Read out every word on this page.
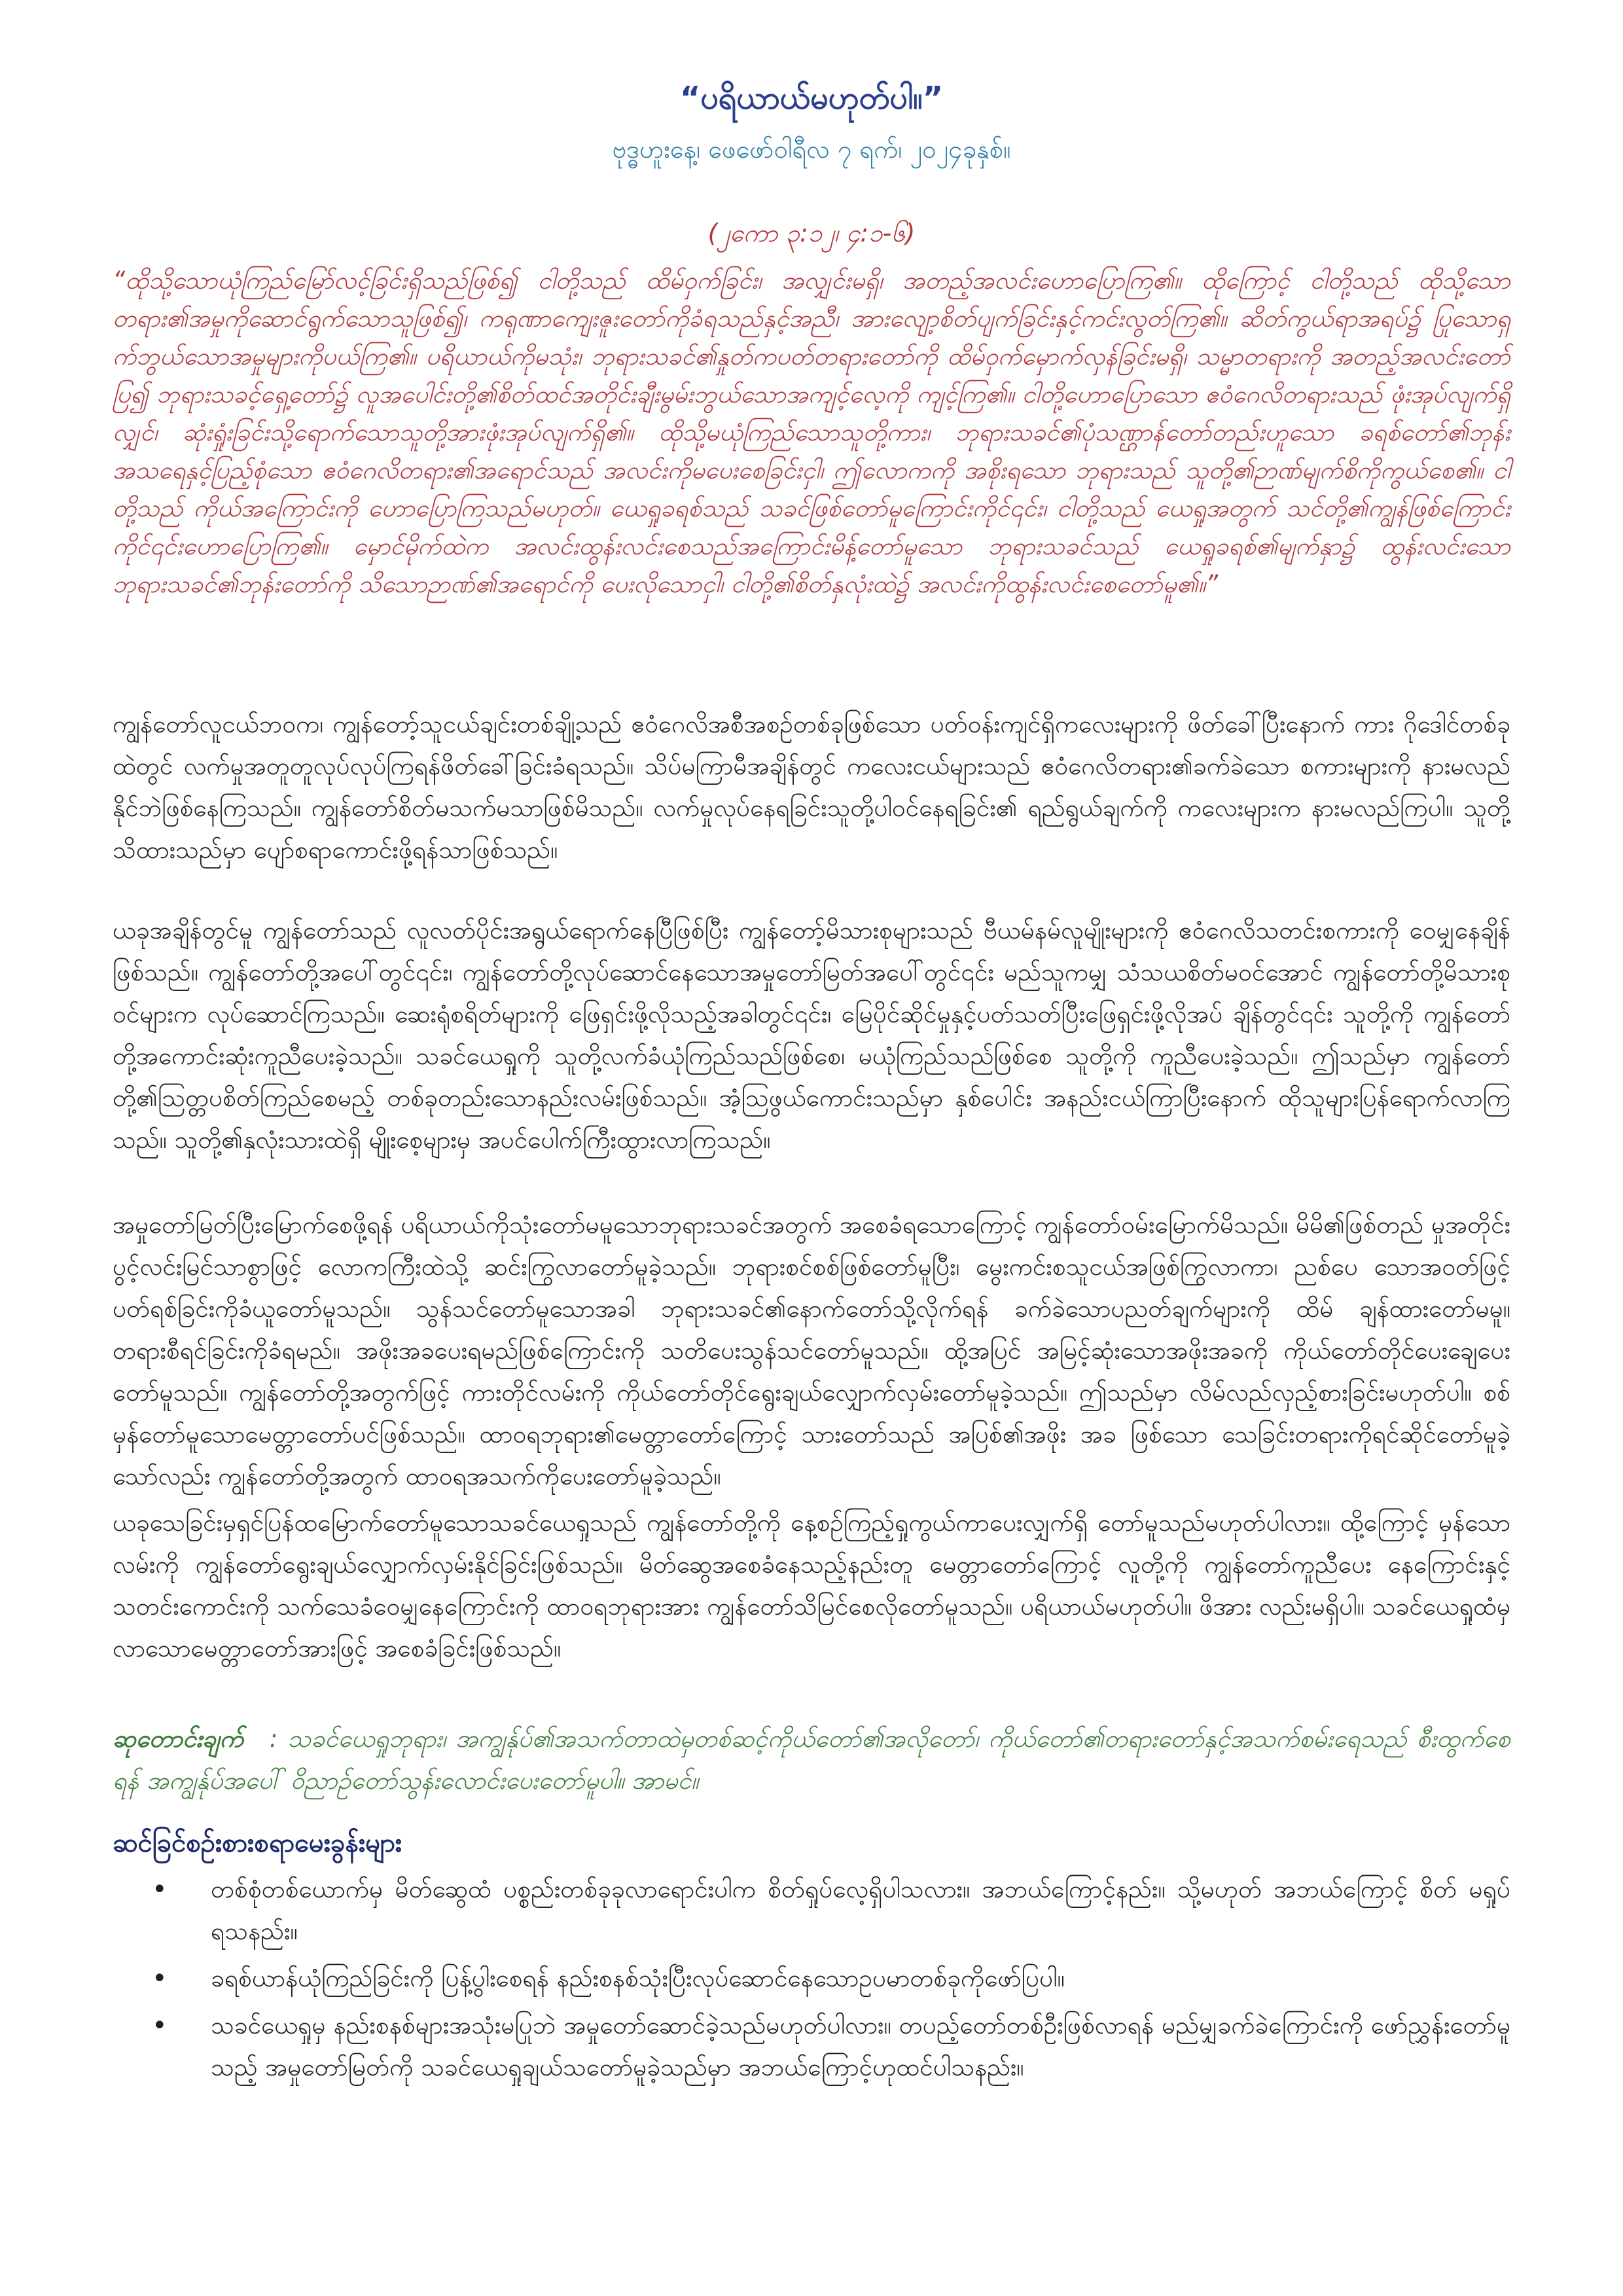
“ပရိယာယ်မဟုတ်ပါ။”
ဗုဒ္ဓဟူးနေ့၊ ဖေဖော်ဝါရီလ ၇ ရက်၊ ၂၀၂၄ခုနှစ်။
(၂ကော ၃:၁၂၊ ၄:၁-၆)

“ထိုသို့သောယုံကြည်မြော်လင့်ခြင်းရှိသည်ဖြစ်၍ ငါတို့သည် ထိမ်ဝှက်ခြင်း၊ အလျှင်းမရှိ၊ အတည့်အလင်းဟောပြောကြ၏။ ထိုကြောင့် ငါတို့သည် ထိုသို့သော တရား၏အမှုကိုဆောင်ရွက်သောသူဖြစ်၍၊ ကရုဏာကျေးဇူးတော်ကိုခံရသည်နှင့်အညီ၊ အားလျော့စိတ်ပျက်ခြင်းနှင့်ကင်းလွတ်ကြ၏။ ဆိတ်ကွယ်ရာအရပ်၌ ပြုသောရှက်ဘွယ်သောအမှုများကိုပယ်ကြ၏။ ပရိယာယ်ကိုမသုံး၊ ဘုရားသခင်၏နှုတ်ကပတ်တရားတော်ကို ထိမ်ဝှက်မှောက်လှန်ခြင်းမရှိ၊ သမ္မာတရားကို အတည့်အလင်းတော်ပြ၍ ဘုရားသခင့်ရှေ့တော်၌ လူအပေါင်းတို့၏စိတ်ထင်အတိုင်းချီးမွမ်းဘွယ်သောအကျင့်လေ့ကို ကျင့်ကြ၏။ ငါတို့ဟောပြောသော ဧဝံဂေလိတရားသည် ဖုံးအုပ်လျက်ရှိလျှင်၊ ဆုံးရှုံးခြင်းသို့ရောက်သောသူတို့အားဖုံးအုပ်လျက်ရှိ၏။ ထိုသို့မယုံကြည်သောသူတို့ကား၊ ဘုရားသခင်၏ပုံသဏ္ဌာန်တော်တည်းဟူသော ခရစ်တော်၏ဘုန်းအသရေနှင့်ပြည့်စုံသော ဧဝံဂေလိတရား၏အရောင်သည် အလင်းကိုမပေးစေခြင်းငှါ၊ ဤလောကကို အစိုးရသော ဘုရားသည် သူတို့၏ဉာဏ်မျက်စိကိုကွယ်စေ၏။ ငါတို့သည် ကိုယ်အကြောင်းကို ဟောပြောကြသည်မဟုတ်။ ယေရှုခရစ်သည် သခင်ဖြစ်တော်မူကြောင်းကိုင်၎င်း၊ ငါတို့သည် ယေရှုအတွက် သင်တို့၏ကျွန်ဖြစ်ကြောင်းကိုင်၎င်းဟောပြောကြ၏။ မှောင်မိုက်ထဲက အလင်းထွန်းလင်းစေသည်အကြောင်းမိန့်တော်မူသော ဘုရားသခင်သည် ယေရှုခရစ်၏မျက်နှာ၌ ထွန်းလင်းသောဘုရားသခင်၏ဘုန်းတော်ကို သိသောဉာဏ်၏အရောင်ကို ပေးလိုသောငှါ၊ ငါတို့၏စိတ်နှလုံးထဲ၌ အလင်းကိုထွန်းလင်းစေတော်မူ၏။”

ကျွန်တော်လူငယ်ဘဝက၊ ကျွန်တော့်သူငယ်ချင်းတစ်ချို့သည် ဧဝံဂေလိအစီအစဉ်တစ်ခုဖြစ်သော ပတ်ဝန်းကျင်ရှိကလေးများကို ဖိတ်ခေါ်ပြီးနောက် ကား ဂိုဒေါင်တစ်ခုထဲတွင် လက်မှုအတူတူလုပ်လုပ်ကြရန်ဖိတ်ခေါ်ခြင်းခံရသည်။ သိပ်မကြာမီအချိန်တွင် ကလေးငယ်များသည် ဧဝံဂေလိတရား၏ခက်ခဲသော စကားများကို နားမလည်နိုင်ဘဲဖြစ်နေကြသည်။ ကျွန်တော်စိတ်မသက်မသာဖြစ်မိသည်။ လက်မှုလုပ်နေရခြင်းသူတို့ပါဝင်နေရခြင်း၏ ရည်ရွယ်ချက်ကို ကလေးများက နားမလည်ကြပါ။ သူတို့သိထားသည်မှာ ပျော်စရာကောင်းဖို့ရန်သာဖြစ်သည်။

ယခုအချိန်တွင်မူ ကျွန်တော်သည် လူလတ်ပိုင်းအရွယ်ရောက်နေပြီဖြစ်ပြီး ကျွန်တော့်မိသားစုများသည် ဗီယမ်နမ်လူမျိုးများကို ဧဝံဂေလိသတင်းစကားကို ဝေမျှနေချိန်ဖြစ်သည်။ ကျွန်တော်တို့အပေါ်တွင်၎င်း၊ ကျွန်တော်တို့လုပ်ဆောင်နေသောအမှုတော်မြတ်အပေါ်တွင်၎င်း မည်သူကမျှ သံသယစိတ်မဝင်အောင် ကျွန်တော်တို့မိသားစုဝင်များက လုပ်ဆောင်ကြသည်။ ဆေးရုံစရိတ်များကို ဖြေရှင်းဖို့လိုသည့်အခါတွင်၎င်း၊ မြေပိုင်ဆိုင်မှုနှင့်ပတ်သတ်ပြီးဖြေရှင်းဖို့လိုအပ် ချိန်တွင်၎င်း သူတို့ကို ကျွန်တော်တို့အကောင်းဆုံးကူညီပေးခဲ့သည်။ သခင်ယေရှုကို သူတို့လက်ခံယုံကြည်သည်ဖြစ်စေ၊ မယုံကြည်သည်ဖြစ်စေ သူတို့ကို ကူညီပေးခဲ့သည်။ ဤသည်မှာ ကျွန်တော်တို့၏သြတ္တပစိတ်ကြည်စေမည့် တစ်ခုတည်းသောနည်းလမ်းဖြစ်သည်။ အံ့သြဖွယ်ကောင်းသည်မှာ နှစ်ပေါင်း အနည်းငယ်ကြာပြီးနောက် ထိုသူများပြန်ရောက်လာကြသည်။ သူတို့၏နှလုံးသားထဲရှိ မျိုးစေ့များမှ အပင်ပေါက်ကြီးထွားလာကြသည်။

အမှုတော်မြတ်ပြီးမြောက်စေဖို့ရန် ပရိယာယ်ကိုသုံးတော်မမူသောဘုရားသခင်အတွက် အစေခံရသောကြောင့် ကျွန်တော်ဝမ်းမြောက်မိသည်။ မိမိ၏ဖြစ်တည် မှုအတိုင်း ပွင့်လင်းမြင်သာစွာဖြင့် လောကကြီးထဲသို့ ဆင်းကြွလာတော်မူခဲ့သည်။ ဘုရားစင်စစ်ဖြစ်တော်မူပြီး၊ မွေးကင်းစသူငယ်အဖြစ်ကြွလာကာ၊ ညစ်ပေ သောအဝတ်ဖြင့် ပတ်ရစ်ခြင်းကိုခံယူတော်မူသည်။ သွန်သင်တော်မူသောအခါ ဘုရားသခင်၏နောက်တော်သို့လိုက်ရန် ခက်ခဲသောပညတ်ချက်များကို ထိမ် ချန်ထားတော်မမူ။ တရားစီရင်ခြင်းကိုခံရမည်။ အဖိုးအခပေးရမည်ဖြစ်ကြောင်းကို သတိပေးသွန်သင်တော်မူသည်။ ထို့အပြင် အမြင့်ဆုံးသောအဖိုးအခကို ကိုယ်တော်တိုင်ပေးချေပေးတော်မူသည်။ ကျွန်တော်တို့အတွက်ဖြင့် ကားတိုင်လမ်းကို ကိုယ်တော်တိုင်ရွေးချယ်လျှောက်လှမ်းတော်မူခဲ့သည်။ ဤသည်မှာ လိမ်လည်လှည့်စားခြင်းမဟုတ်ပါ။ စစ်မှန်တော်မူသောမေတ္တာတော်ပင်ဖြစ်သည်။ ထာဝရဘုရား၏မေတ္တာတော်ကြောင့် သားတော်သည် အပြစ်၏အဖိုး အခ ဖြစ်သော သေခြင်းတရားကိုရင်ဆိုင်တော်မူခဲ့သော်လည်း ကျွန်တော်တို့အတွက် ထာဝရအသက်ကိုပေးတော်မူခဲ့သည်။

ယခုသေခြင်းမှရှင်ပြန်ထမြောက်တော်မူသောသခင်ယေရှုသည် ကျွန်တော်တို့ကို နေ့စဉ်ကြည့်ရှုကွယ်ကာပေးလျှက်ရှိ တော်မူသည်မဟုတ်ပါလား။ ထို့ကြောင့် မှန်သောလမ်းကို ကျွန်တော်ရွေးချယ်လျှောက်လှမ်းနိုင်ခြင်းဖြစ်သည်။ မိတ်ဆွေအစေခံနေသည့်နည်းတူ မေတ္တာတော်ကြောင့် လူတို့ကို ကျွန်တော်ကူညီပေး နေကြောင်းနှင့်သတင်းကောင်းကို သက်သေခံဝေမျှနေကြောင်းကို ထာဝရဘုရားအား ကျွန်တော်သိမြင်စေလိုတော်မူသည်။ ပရိယာယ်မဟုတ်ပါ။ ဖိအား လည်းမရှိပါ။ သခင်ယေရှုထံမှ လာသောမေတ္တာတော်အားဖြင့် အစေခံခြင်းဖြစ်သည်။

ဆုတောင်းချက် : သခင်ယေရှုဘုရား၊ အကျွန်ုပ်၏အသက်တာထဲမှတစ်ဆင့်ကိုယ်တော်၏အလိုတော်၊ ကိုယ်တော်၏တရားတော်နှင့်အသက်စမ်းရေသည် စီးထွက်စေရန် အကျွန်ုပ်အပေါ် ဝိညာဉ်တော်သွန်းလောင်းပေးတော်မူပါ။ အာမင်။

ဆင်ခြင်စဉ်းစားစရာမေးခွန်းများ
• တစ်စုံတစ်ယောက်မှ မိတ်ဆွေထံ ပစ္စည်းတစ်ခုခုလာရောင်းပါက စိတ်ရှုပ်လေ့ရှိပါသလား။ အဘယ်ကြောင့်နည်း။ သို့မဟုတ် အဘယ်ကြောင့် စိတ် မရှုပ်ရသနည်း။
• ခရစ်ယာန်ယုံကြည်ခြင်းကို ပြန့်ပွါးစေရန် နည်းစနစ်သုံးပြီးလုပ်ဆောင်နေသောဥပမာတစ်ခုကိုဖော်ပြပါ။
• သခင်ယေရှုမှ နည်းစနစ်များအသုံးမပြုဘဲ အမှုတော်ဆောင်ခဲ့သည်မဟုတ်ပါလား။ တပည့်တော်တစ်ဦးဖြစ်လာရန် မည်မျှခက်ခဲကြောင်းကို ဖော်ညွှန်းတော်မူသည့် အမှုတော်မြတ်ကို သခင်ယေရှုချယ်သတော်မူခဲ့သည်မှာ အဘယ်ကြောင့်ဟုထင်ပါသနည်း။
